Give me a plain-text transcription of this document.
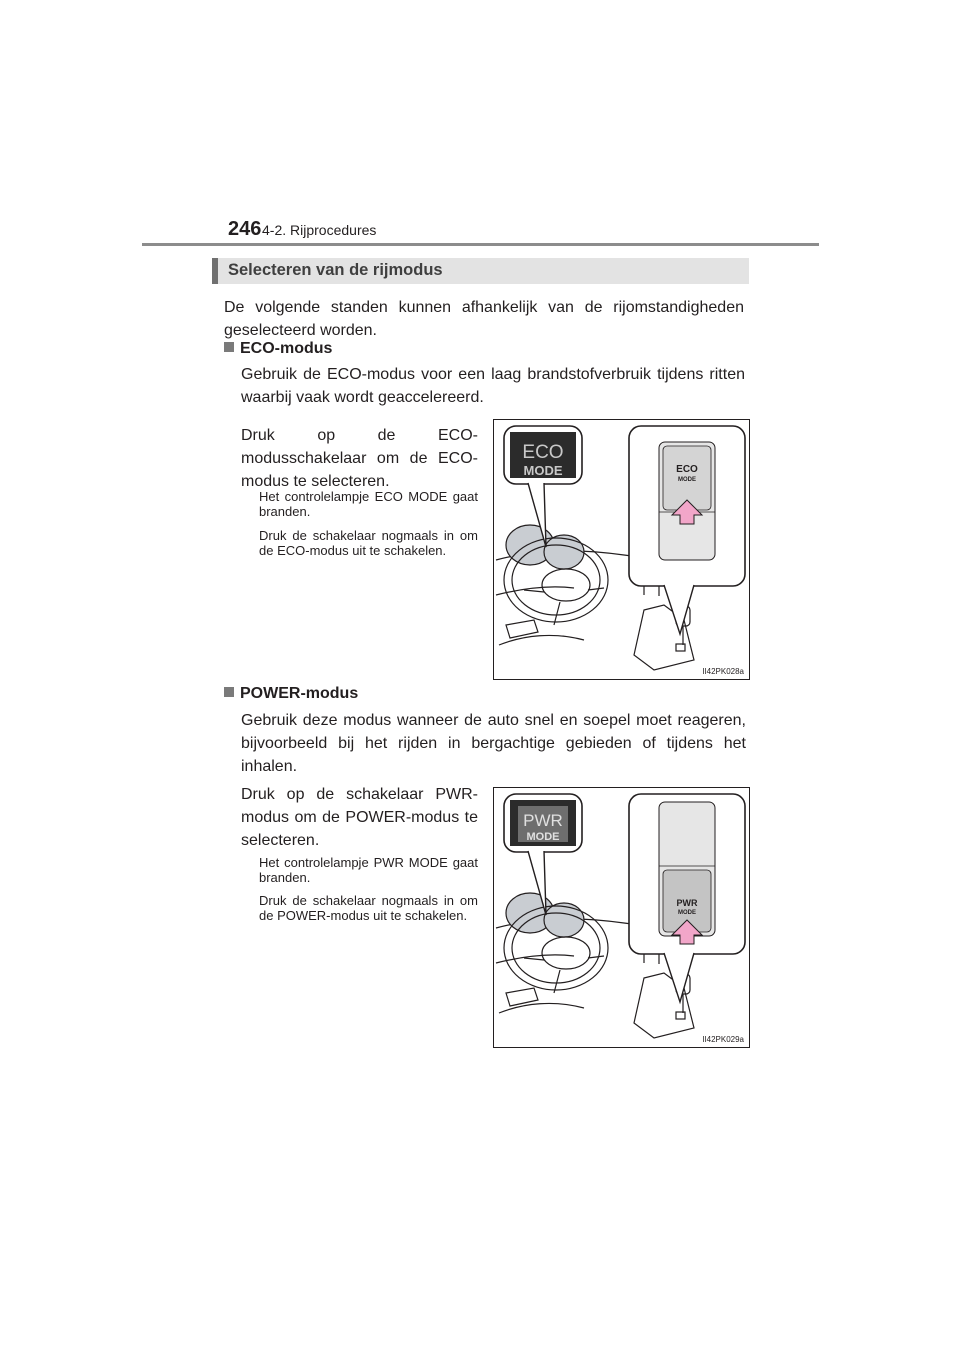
246 4-2. Rijprocedures
Selecteren van de rijmodus
De volgende standen kunnen afhankelijk van de rijomstandigheden geselecteerd worden.
ECO-modus
Gebruik de ECO-modus voor een laag brandstofverbruik tijdens ritten waarbij vaak wordt geaccelereerd.
Druk op de ECO-modusschakelaar om de ECO-modus te selecteren.
Het controlelampje ECO MODE gaat branden.
Druk de schakelaar nogmaals in om de ECO-modus uit te schakelen.
ECO
MODE	ECO
MODE
II42PK028a
POWER-modus
Gebruik deze modus wanneer de auto snel en soepel moet reageren, bijvoorbeeld bij het rijden in bergachtige gebieden of tijdens het inhalen.
Druk op de schakelaar PWR-modus om de POWER-modus te selecteren.
Het controlelampje PWR MODE gaat branden.
Druk de schakelaar nogmaals in om de POWER-modus uit te schakelen.
PWR
MODE
PWR
MODE
II42PK029a
